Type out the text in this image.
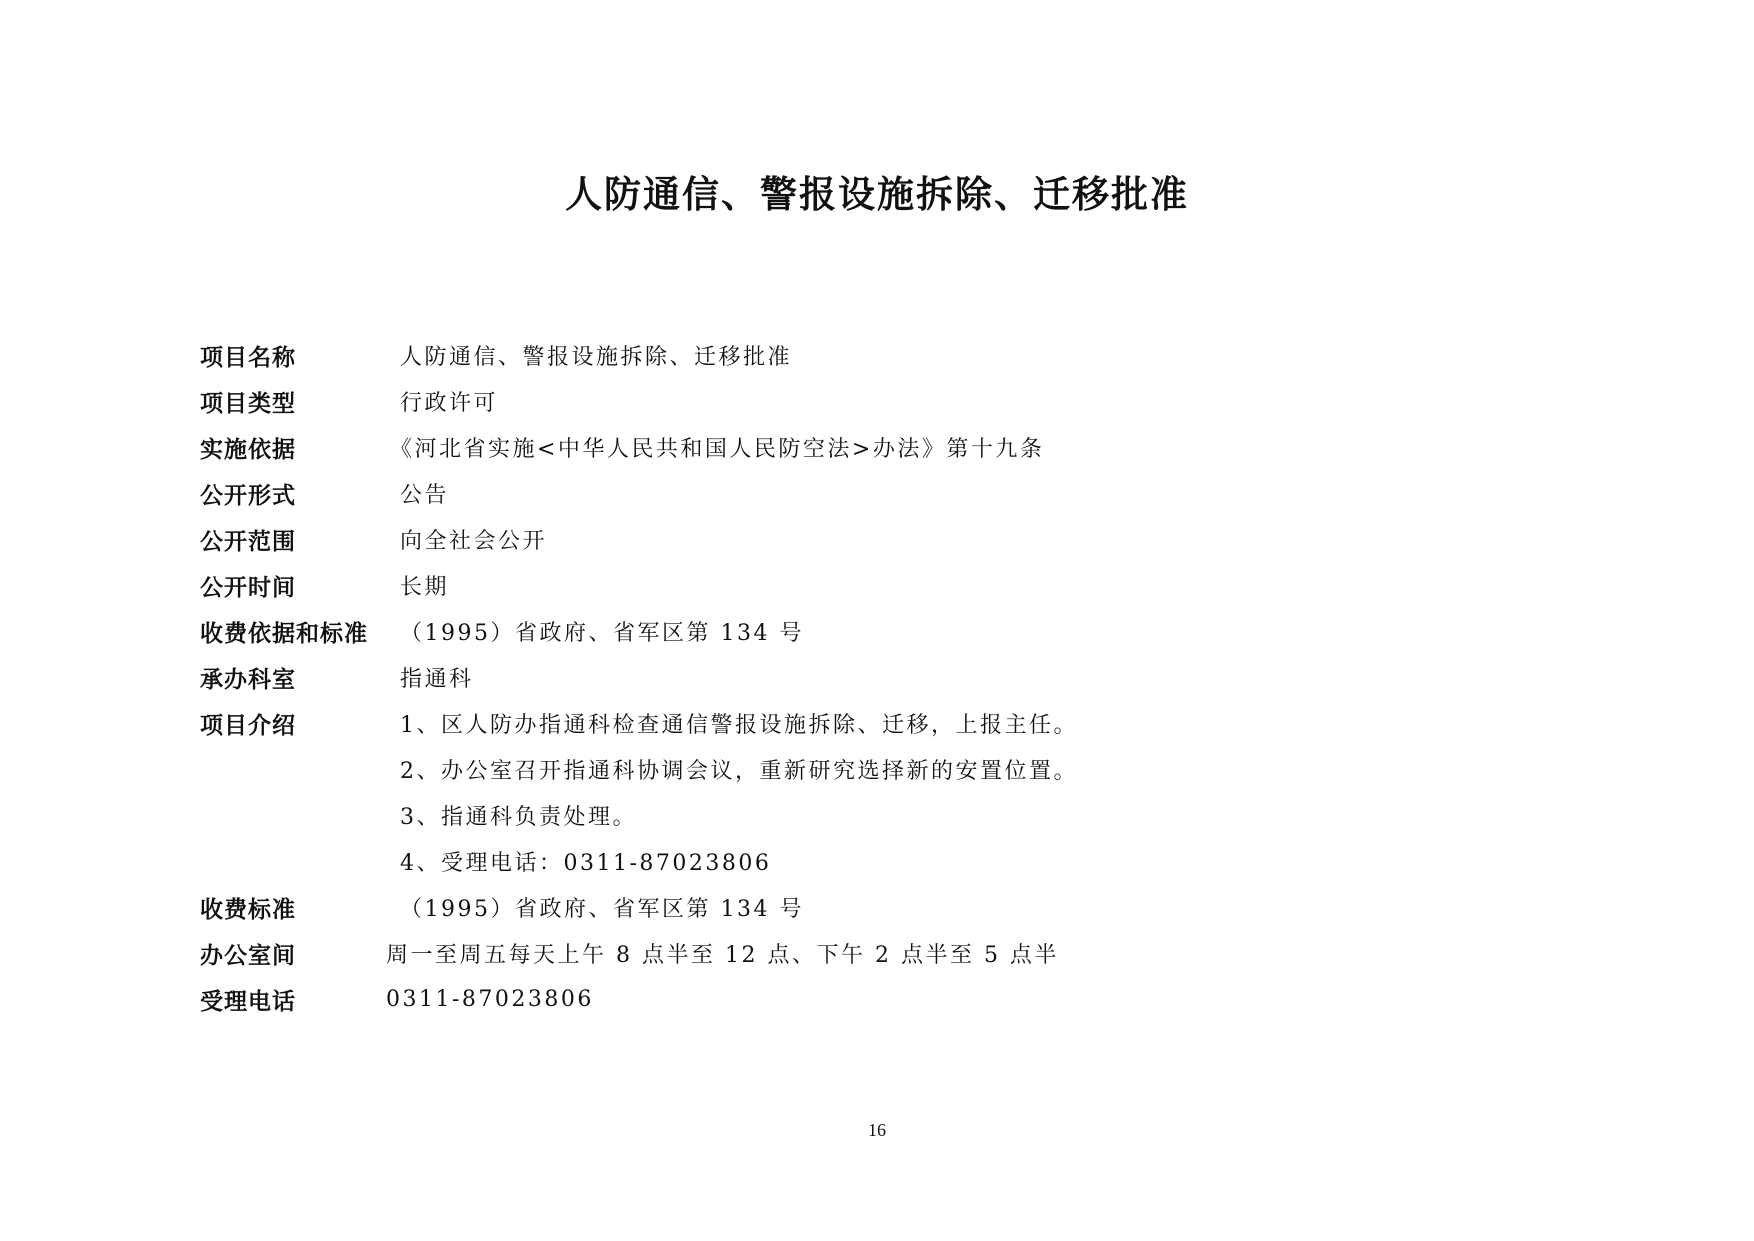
人防通信、警报设施拆除、迁移批准
项目名称	人防通信、警报设施拆除、迁移批准
项目类型	行政许可
实施依据	《河北省实施<中华人民共和国人民防空法>办法》第十九条
公开形式	公告
公开范围	向全社会公开
公开时间	长期
收费依据和标准	（1995）省政府、省军区第 134 号
承办科室	指通科
项目介绍	1、区人防办指通科检查通信警报设施拆除、迁移，上报主任。
2、办公室召开指通科协调会议，重新研究选择新的安置位置。
3、指通科负责处理。
4、受理电话：0311-87023806
收费标准	（1995）省政府、省军区第 134 号
办公室间	周一至周五每天上午 8 点半至 12 点、下午 2 点半至 5 点半
受理电话	0311-87023806
16
